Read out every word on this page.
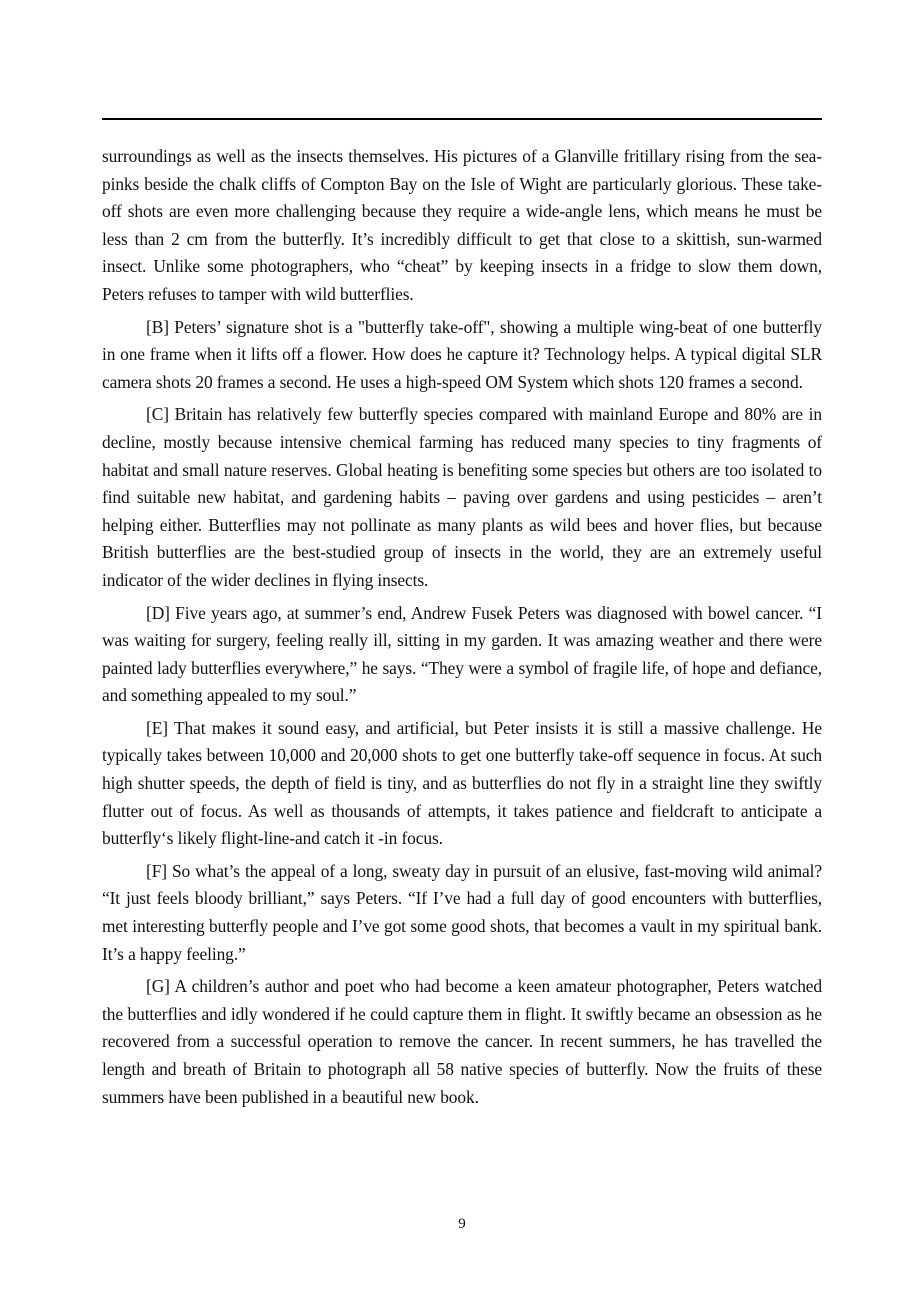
surroundings as well as the insects themselves. His pictures of a Glanville fritillary rising from the sea-pinks beside the chalk cliffs of Compton Bay on the Isle of Wight are particularly glorious. These take-off shots are even more challenging because they require a wide-angle lens, which means he must be less than 2 cm from the butterfly. It’s incredibly difficult to get that close to a skittish, sun-warmed insect. Unlike some photographers, who “cheat” by keeping insects in a fridge to slow them down, Peters refuses to tamper with wild butterflies.

[B] Peters’ signature shot is a "butterfly take-off", showing a multiple wing-beat of one butterfly in one frame when it lifts off a flower. How does he capture it? Technology helps. A typical digital SLR camera shots 20 frames a second. He uses a high-speed OM System which shots 120 frames a second.

[C] Britain has relatively few butterfly species compared with mainland Europe and 80% are in decline, mostly because intensive chemical farming has reduced many species to tiny fragments of habitat and small nature reserves. Global heating is benefiting some species but others are too isolated to find suitable new habitat, and gardening habits – paving over gardens and using pesticides – aren’t helping either. Butterflies may not pollinate as many plants as wild bees and hover flies, but because British butterflies are the best-studied group of insects in the world, they are an extremely useful indicator of the wider declines in flying insects.

[D] Five years ago, at summer’s end, Andrew Fusek Peters was diagnosed with bowel cancer. “I was waiting for surgery, feeling really ill, sitting in my garden. It was amazing weather and there were painted lady butterflies everywhere,” he says. “They were a symbol of fragile life, of hope and defiance, and something appealed to my soul.”

[E] That makes it sound easy, and artificial, but Peter insists it is still a massive challenge. He typically takes between 10,000 and 20,000 shots to get one butterfly take-off sequence in focus. At such high shutter speeds, the depth of field is tiny, and as butterflies do not fly in a straight line they swiftly flutter out of focus. As well as thousands of attempts, it takes patience and fieldcraft to anticipate a butterfly‘s likely flight-line-and catch it -in focus.

[F] So what’s the appeal of a long, sweaty day in pursuit of an elusive, fast-moving wild animal? “It just feels bloody brilliant,” says Peters. “If I’ve had a full day of good encounters with butterflies, met interesting butterfly people and I’ve got some good shots, that becomes a vault in my spiritual bank. It’s a happy feeling.”

[G] A children’s author and poet who had become a keen amateur photographer, Peters watched the butterflies and idly wondered if he could capture them in flight. It swiftly became an obsession as he recovered from a successful operation to remove the cancer. In recent summers, he has travelled the length and breath of Britain to photograph all 58 native species of butterfly. Now the fruits of these summers have been published in a beautiful new book.

9
